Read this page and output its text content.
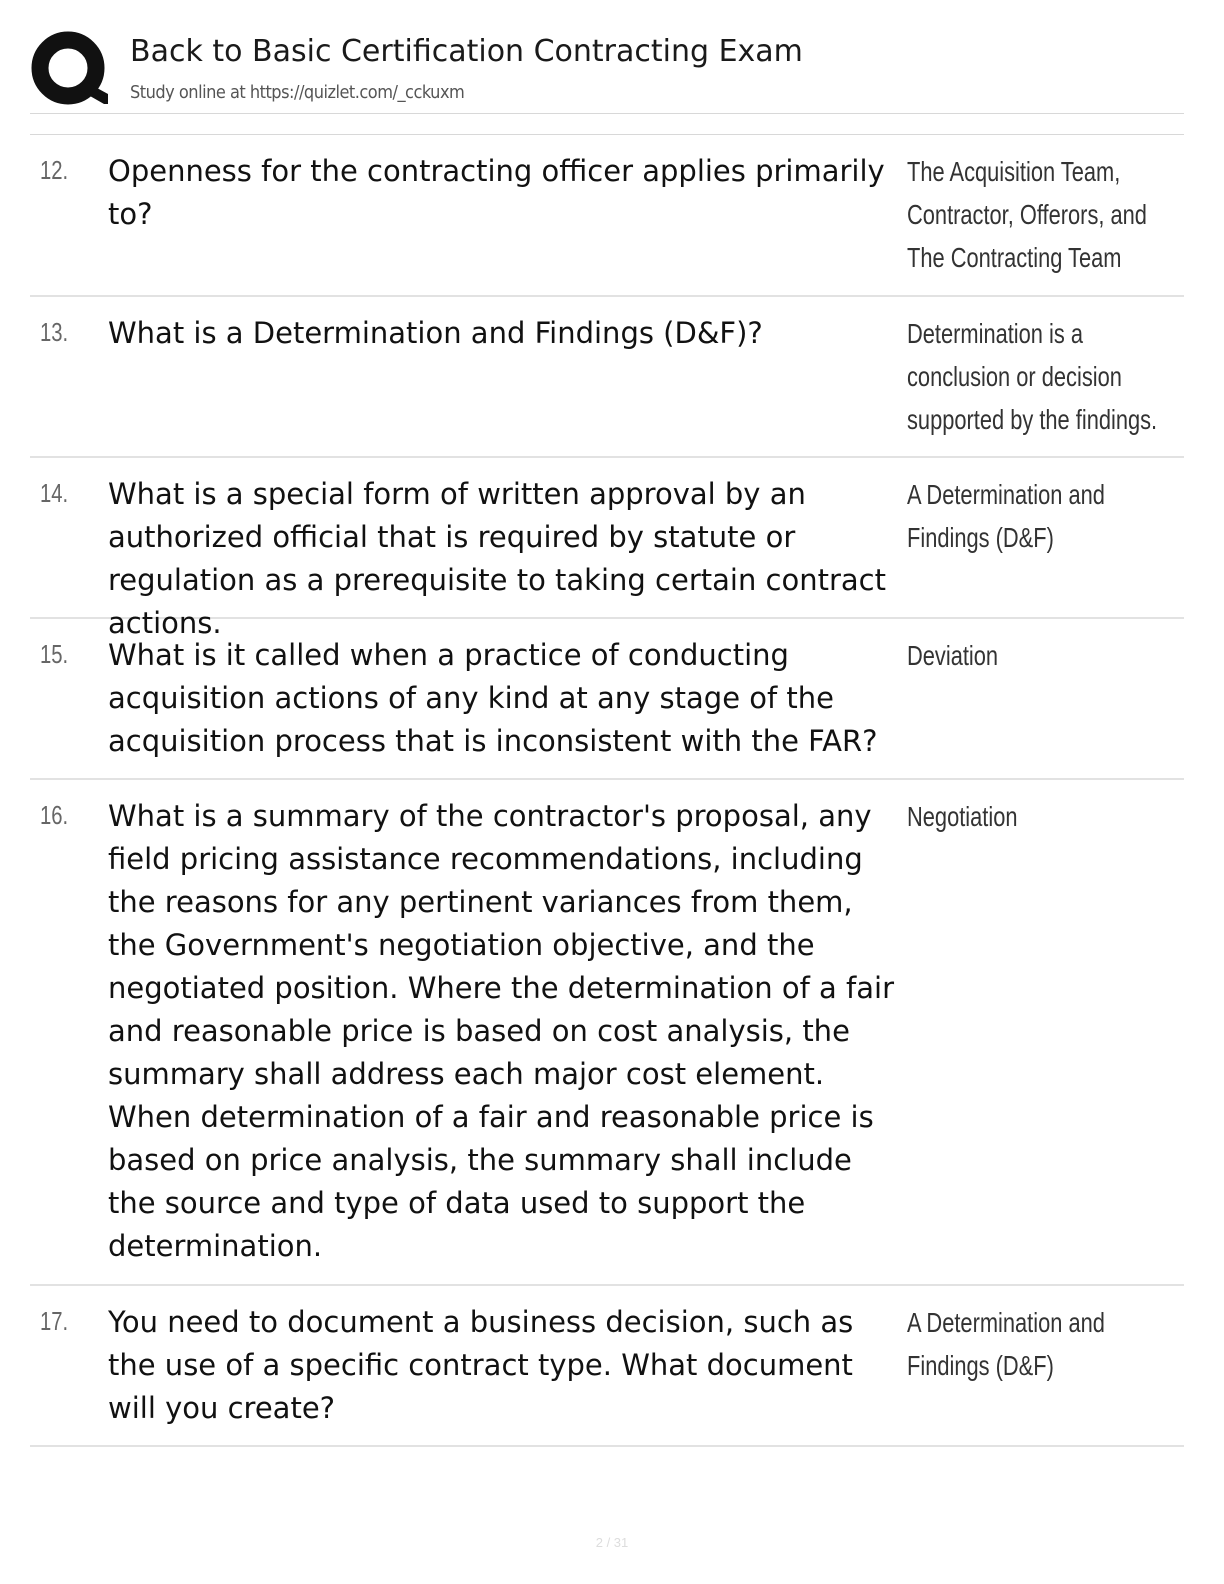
Back to Basic Certification Contracting Exam
Study online at https://quizlet.com/_cckuxm
12. Openness for the contracting officer applies primarily to?
The Acquisition Team, Contractor, Offerors, and The Contracting Team
13. What is a Determination and Findings (D&F)?	Determination is a conclusion or decision supported by the findings.
14. What is a special form of written approval by an authorized official that is required by statute or regulation as a prerequisite to taking certain contract actions.
A Determination and Findings (D&F)
15. What is it called when a practice of conducting acquisition actions of any kind at any stage of the acquisition process that is inconsistent with the FAR?
Deviation
16. What is a summary of the contractor's proposal, any field pricing assistance recommendations, including the reasons for any pertinent variances from them, the Government's negotiation objective, and the negotiated position. Where the determination of a fair and reasonable price is based on cost analysis, the summary shall address each major cost element. When determination of a fair and reasonable price is based on price analysis, the summary shall include the source and type of data used to support the determination.
Negotiation
17. You need to document a business decision, such as the use of a specific contract type. What document will you create?
A Determination and Findings (D&F)
2 / 31
